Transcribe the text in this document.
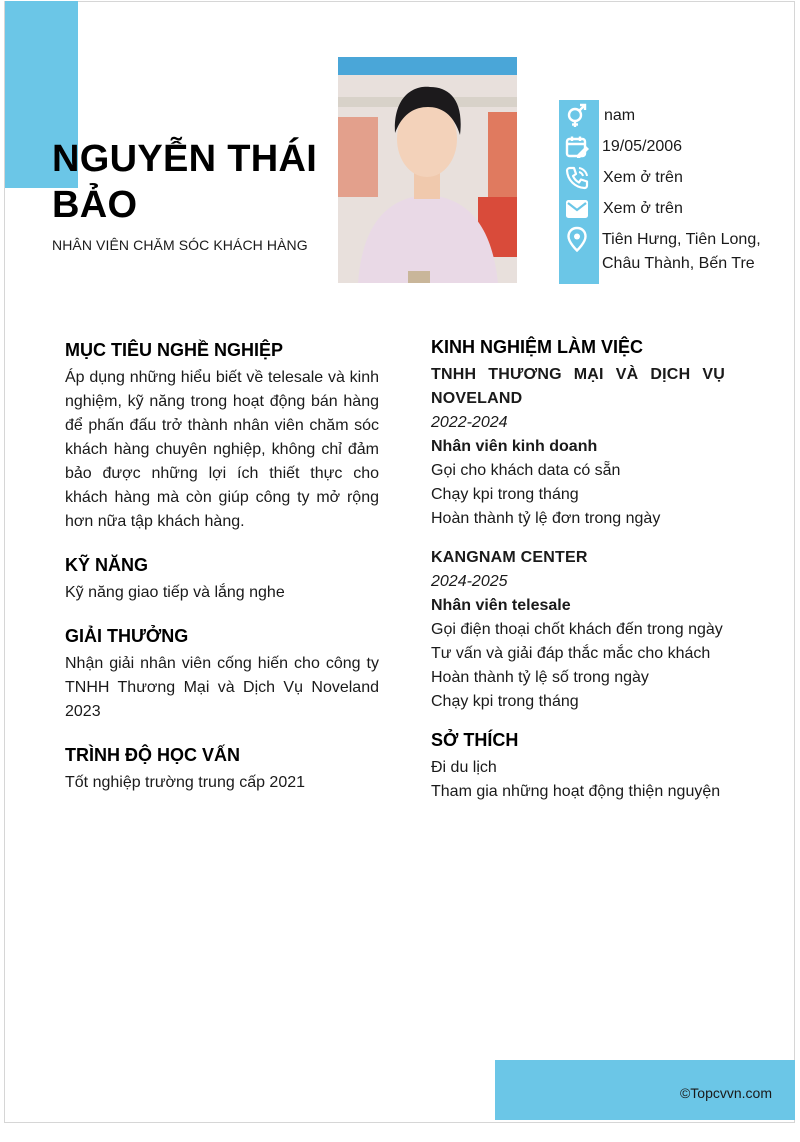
©Topcvvn.com
NGUYỄN THÁI BẢO
NHÂN VIÊN CHĂM SÓC KHÁCH HÀNG
nam
19/05/2006
Xem ở trên
Xem ở trên
Tiên Hưng, Tiên Long, Châu Thành, Bến Tre
MỤC TIÊU NGHỀ NGHIỆP

Áp dụng những hiểu biết về telesale và kinh nghiệm, kỹ năng trong hoạt động bán hàng để phấn đấu trở thành nhân viên chăm sóc khách hàng chuyên nghiệp, không chỉ đảm bảo được những lợi ích thiết thực cho khách hàng mà còn giúp công ty mở rộng hơn nữa tập khách hàng.

KỸ NĂNG

Kỹ năng giao tiếp và lắng nghe

GIẢI THƯỞNG

Nhận giải nhân viên cống hiến cho công ty TNHH Thương Mại và Dịch Vụ Noveland 2023

TRÌNH ĐỘ HỌC VẤN

Tốt nghiệp trường trung cấp 2021

KINH NGHIỆM LÀM VIỆC

TNHH THƯƠNG MẠI VÀ DỊCH VỤ NOVELAND

2022-2024

Nhân viên kinh doanh

Gọi cho khách data có sẵn

Chạy kpi trong tháng

Hoàn thành tỷ lệ đơn trong ngày

KANGNAM CENTER

2024-2025

Nhân viên telesale

Gọi điện thoại chốt khách đến trong ngày

Tư vấn và giải đáp thắc mắc cho khách

Hoàn thành tỷ lệ số trong ngày

Chạy kpi trong tháng

SỞ THÍCH

Đi du lịch

Tham gia những hoạt động thiện nguyện
